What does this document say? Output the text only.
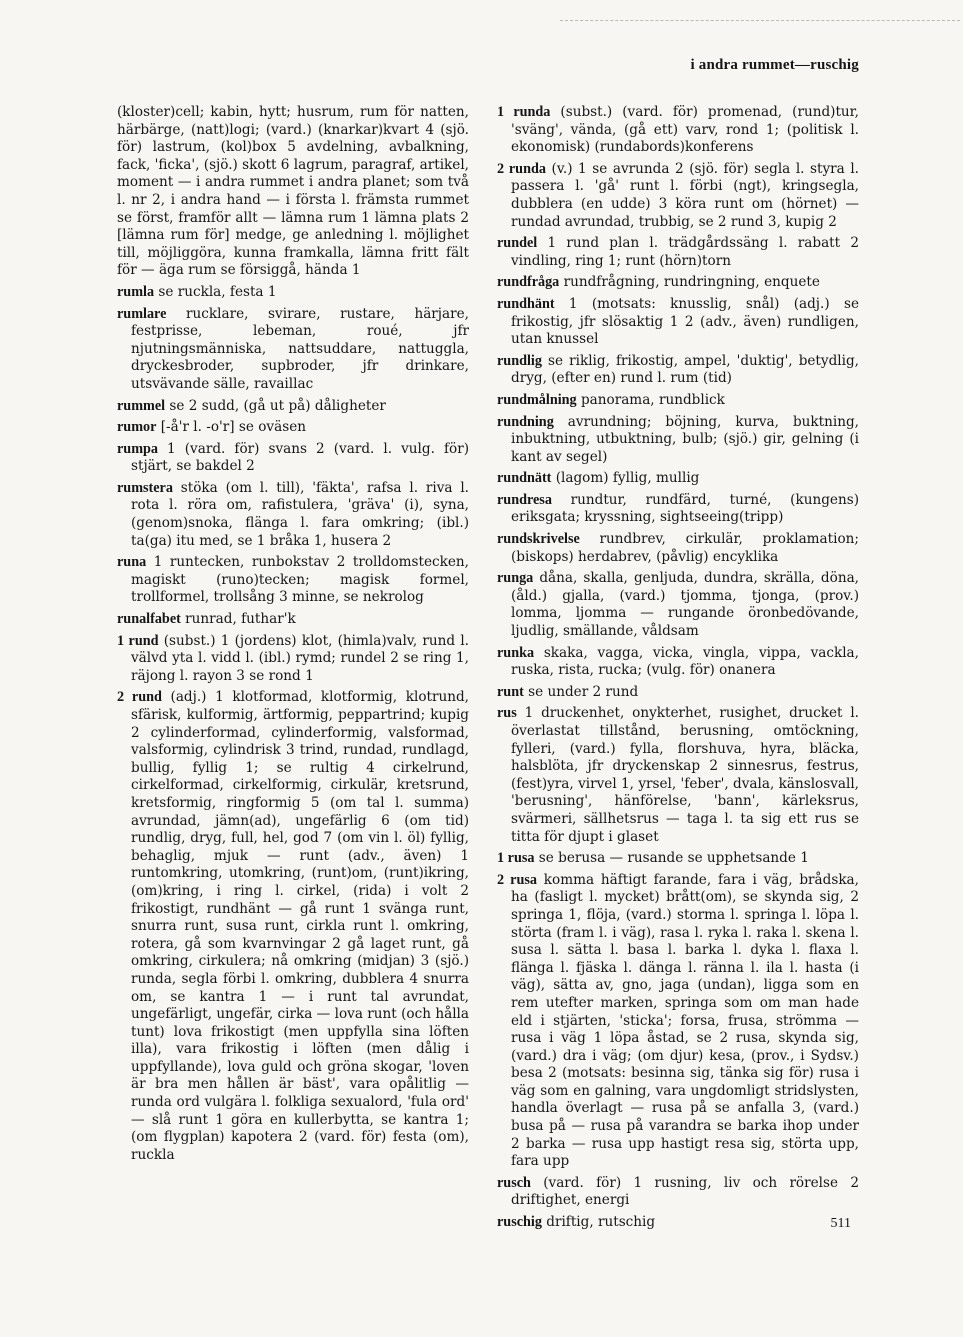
i andra rummet—ruschig

(kloster)cell; kabin, hytt; husrum, rum för natten, härbärge, (natt)logi; (vard.) (knarkar)kvart 4 (sjö. för) lastrum, (kol)box 5 avdelning, avbalkning, fack, 'ficka', (sjö.) skott 6 lagrum, paragraf, artikel, moment — i andra rummet i andra planet; som två l. nr 2, i andra hand — i första l. främsta rummet se först, framför allt — lämna rum 1 lämna plats 2 [lämna rum för] medge, ge anledning l. möjlighet till, möjliggöra, kunna framkalla, lämna fritt fält för — äga rum se försiggå, hända 1

rumla se ruckla, festa 1

rumlare rucklare, svirare, rustare, härjare, festprisse, lebeman, roué, jfr njutningsmänniska, nattsuddare, nattuggla, dryckesbroder, supbroder, jfr drinkare, utsvävande sälle, ravaillac

rummel se 2 sudd, (gå ut på) dåligheter

rumor [-å'r l. -o'r] se oväsen

rumpa 1 (vard. för) svans 2 (vard. l. vulg. för) stjärt, se bakdel 2

rumstera stöka (om l. till), 'fäkta', rafsa l. riva l. rota l. röra om, rafistulera, 'gräva' (i), syna, (genom)snoka, flänga l. fara omkring; (ibl.) ta(ga) itu med, se 1 bråka 1, husera 2

runa 1 runtecken, runbokstav 2 trolldomstecken, magiskt (runo)tecken; magisk formel, trollformel, trollsång 3 minne, se nekrolog

runalfabet runrad, futhar'k

1 rund (subst.) 1 (jordens) klot, (himla)valv, rund l. välvd yta l. vidd l. (ibl.) rymd; rundel 2 se ring 1, räjong l. rayon 3 se rond 1

2 rund (adj.) 1 klotformad, klotformig, klotrund, sfärisk, kulformig, ärtformig, peppartrind; kupig 2 cylinderformad, cylinderformig, valsformad, valsformig, cylindrisk 3 trind, rundad, rundlagd, bullig, fyllig 1; se rultig 4 cirkelrund, cirkelformad, cirkelformig, cirkulär, kretsrund, kretsformig, ringformig 5 (om tal l. summa) avrundad, jämn(ad), ungefärlig 6 (om tid) rundlig, dryg, full, hel, god 7 (om vin l. öl) fyllig, behaglig, mjuk — runt (adv., även) 1 runtomkring, utomkring, (runt)om, (runt)ikring, (om)kring, i ring l. cirkel, (rida) i volt 2 frikostigt, rundhänt — gå runt 1 svänga runt, snurra runt, susa runt, cirkla runt l. omkring, rotera, gå som kvarnvingar 2 gå laget runt, gå omkring, cirkulera; nå omkring (midjan) 3 (sjö.) runda, segla förbi l. omkring, dubblera 4 snurra om, se kantra 1 — i runt tal avrundat, ungefärligt, ungefär, cirka — lova runt (och hålla tunt) lova frikostigt (men uppfylla sina löften illa), vara frikostig i löften (men dålig i uppfyllande), lova guld och gröna skogar, 'loven är bra men hållen är bäst', vara opålitlig — runda ord vulgära l. folkliga sexualord, 'fula ord' — slå runt 1 göra en kullerbytta, se kantra 1; (om flygplan) kapotera 2 (vard. för) festa (om), ruckla

1 runda (subst.) (vard. för) promenad, (rund)tur, 'sväng', vända, (gå ett) varv, rond 1; (politisk l. ekonomisk) (rundabords)konferens

2 runda (v.) 1 se avrunda 2 (sjö. för) segla l. styra l. passera l. 'gå' runt l. förbi (ngt), kringsegla, dubblera (en udde) 3 köra runt om (hörnet) — rundad avrundad, trubbig, se 2 rund 3, kupig 2

rundel 1 rund plan l. trädgårdssäng l. rabatt 2 vindling, ring 1; runt (hörn)torn

rundfråga rundfrågning, rundringning, enquete

rundhänt 1 (motsats: knusslig, snål) (adj.) se frikostig, jfr slösaktig 1 2 (adv., även) rundligen, utan knussel

rundlig se riklig, frikostig, ampel, 'duktig', betydlig, dryg, (efter en) rund l. rum (tid)

rundmålning panorama, rundblick

rundning avrundning; böjning, kurva, buktning, inbuktning, utbuktning, bulb; (sjö.) gir, gelning (i kant av segel)

rundnätt (lagom) fyllig, mullig

rundresa rundtur, rundfärd, turné, (kungens) eriksgata; kryssning, sightseeing(tripp)

rundskrivelse rundbrev, cirkulär, proklamation; (biskops) herdabrev, (påvlig) encyklika

runga dåna, skalla, genljuda, dundra, skrälla, döna, (åld.) gjalla, (vard.) tjomma, tjonga, (prov.) lomma, ljomma — rungande öronbedövande, ljudlig, smällande, våldsam

runka skaka, vagga, vicka, vingla, vippa, vackla, ruska, rista, rucka; (vulg. för) onanera

runt se under 2 rund

rus 1 druckenhet, onykterhet, rusighet, drucket l. överlastat tillstånd, berusning, omtöckning, fylleri, (vard.) fylla, florshuva, hyra, bläcka, halsblöta, jfr dryckenskap 2 sinnesrus, festrus, (fest)yra, virvel 1, yrsel, 'feber', dvala, känslosvall, 'berusning', hänförelse, 'bann', kärleksrus, svärmeri, sällhetsrus — taga l. ta sig ett rus se titta för djupt i glaset

1 rusa se berusa — rusande se upphetsande 1

2 rusa komma häftigt farande, fara i väg, brådska, ha (fasligt l. mycket) brått(om), se skynda sig, 2 springa 1, flöja, (vard.) storma l. springa l. löpa l. störta (fram l. i väg), rasa l. ryka l. raka l. skena l. susa l. sätta l. basa l. barka l. dyka l. flaxa l. flänga l. fjäska l. dänga l. ränna l. ila l. hasta (i väg), sätta av, gno, jaga (undan), ligga som en rem utefter marken, springa som om man hade eld i stjärten, 'sticka'; forsa, frusa, strömma — rusa i väg 1 löpa åstad, se 2 rusa, skynda sig, (vard.) dra i väg; (om djur) kesa, (prov., i Sydsv.) besa 2 (motsats: besinna sig, tänka sig för) rusa i väg som en galning, vara ungdomligt stridslysten, handla överlagt — rusa på se anfalla 3, (vard.) busa på — rusa på varandra se barka ihop under 2 barka — rusa upp hastigt resa sig, störta upp, fara upp

rusch (vard. för) 1 rusning, liv och rörelse 2 driftighet, energi

ruschig driftig, rutschig	511
